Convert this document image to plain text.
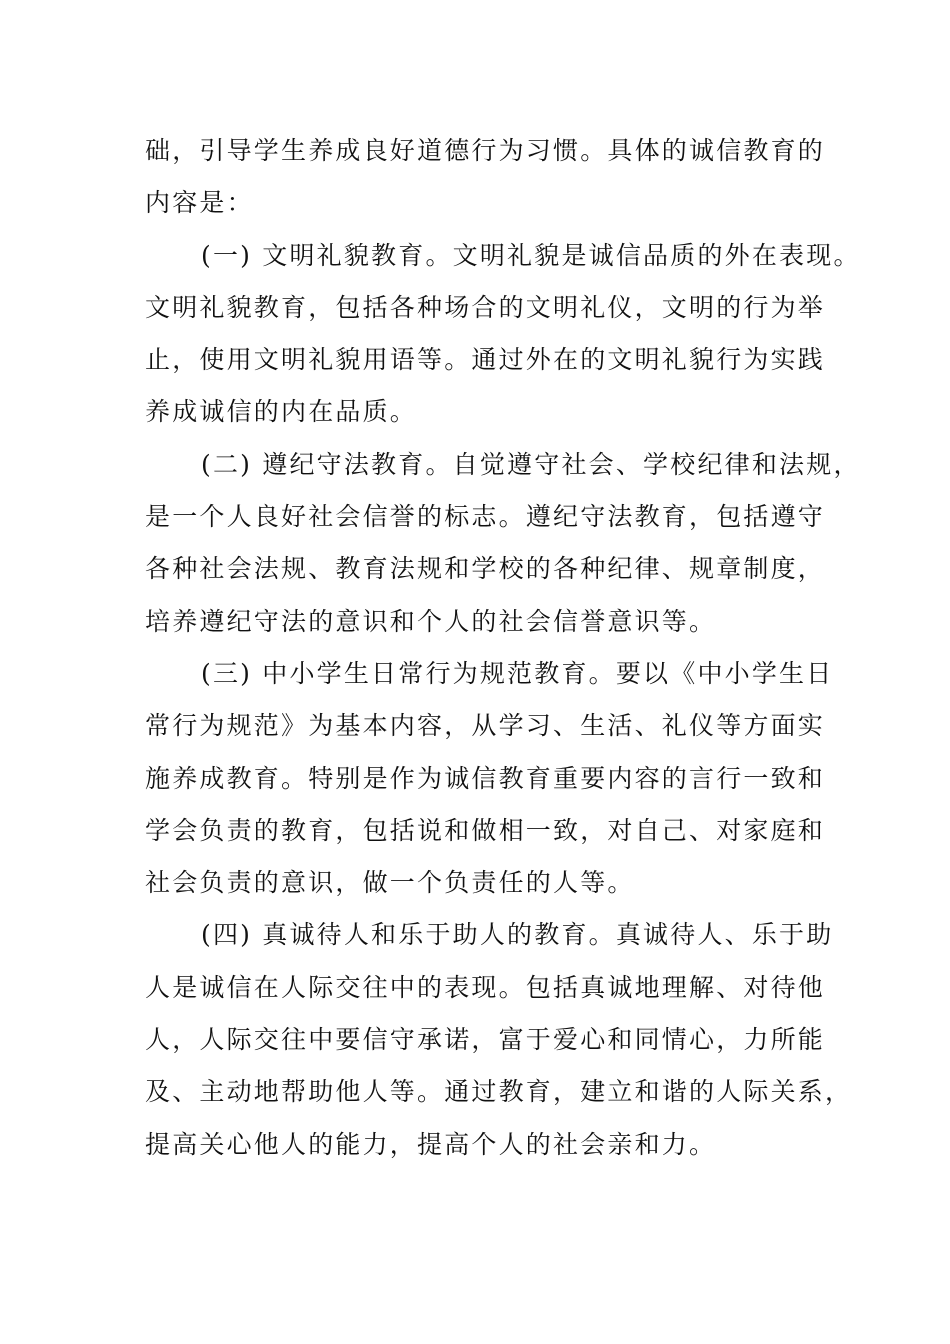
础，引导学生养成良好道德行为习惯。具体的诚信教育的
内容是：
(一) 文明礼貌教育。文明礼貌是诚信品质的外在表现。
文明礼貌教育，包括各种场合的文明礼仪，文明的行为举
止，使用文明礼貌用语等。通过外在的文明礼貌行为实践
养成诚信的内在品质。
(二) 遵纪守法教育。自觉遵守社会、学校纪律和法规，
是一个人良好社会信誉的标志。遵纪守法教育，包括遵守
各种社会法规、教育法规和学校的各种纪律、规章制度，
培养遵纪守法的意识和个人的社会信誉意识等。
(三) 中小学生日常行为规范教育。要以《中小学生日
常行为规范》为基本内容，从学习、生活、礼仪等方面实
施养成教育。特别是作为诚信教育重要内容的言行一致和
学会负责的教育，包括说和做相一致，对自己、对家庭和
社会负责的意识，做一个负责任的人等。
(四) 真诚待人和乐于助人的教育。真诚待人、乐于助
人是诚信在人际交往中的表现。包括真诚地理解、对待他
人，人际交往中要信守承诺，富于爱心和同情心，力所能
及、主动地帮助他人等。通过教育，建立和谐的人际关系，
提高关心他人的能力，提高个人的社会亲和力。
